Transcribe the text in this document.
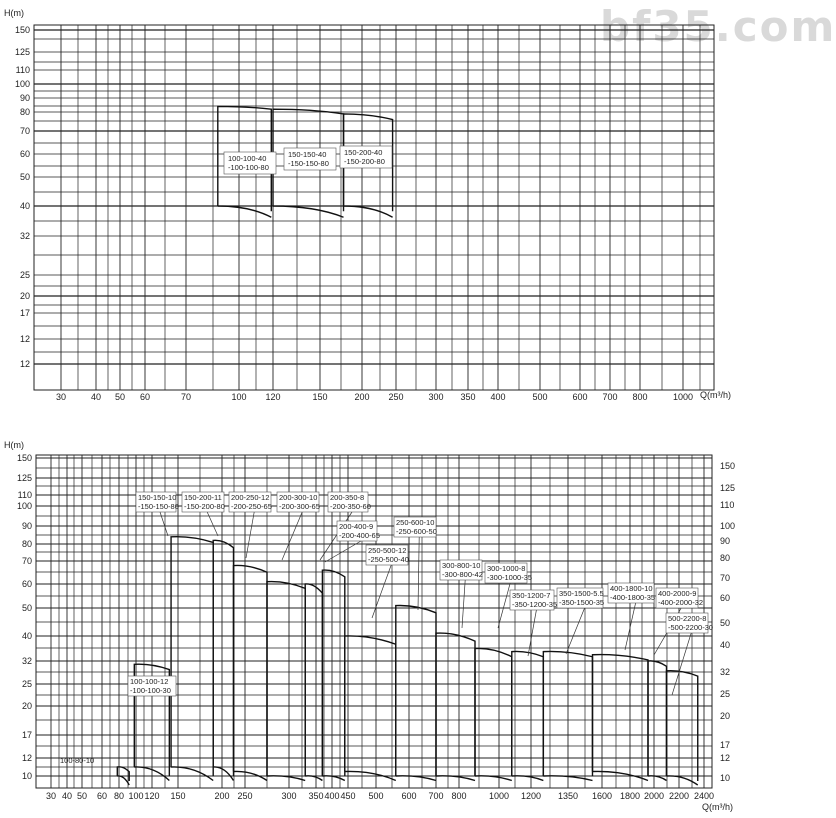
bf35.com
H(m)
Q(m³/h)
150
125
110
100
90
80
70
60
50
40
32
25
20
17
12
12
30	40 50 60	70	100 120	150	200 250	300 350 400	500	600 700 800	1000
100-100-40
-100-100-80
150-150-40
-150-150-80
150-200-40
-150-200-80
H(m)
Q(m³/h)
150
125
110
100
90
80
70
60
50
40
32
25
20
17
12
10
150
125
110
100
90
80
70
60
50
40
32
25
20
17
12
10
30 40 50 60 80 100 120 150	200 250	300 350 400 450 500 600 700 800 1000 1200 1350 1600 1800 2000 2200 2400
100-80-10
100-100-12
-100-100-30
150-150-10
-150-150-80
150-200-11
-150-200-80
200-250-12
-200-250-65
200-300-10
-200-300-65
200-350-8
-200-350-60
200-400-9
-200-400-65
250-500-12
-250-500-40
250-600-10
-250-600-50
300-800-10
-300-800-42
300-1000-8
-300-1000-35
350-1200-7
-350-1200-35
350-1500-5.5
-350-1500-35
400-1800-10
-400-1800-35 400-2000-9
-400-2000-32
500-2200-8
-500-2200-30
